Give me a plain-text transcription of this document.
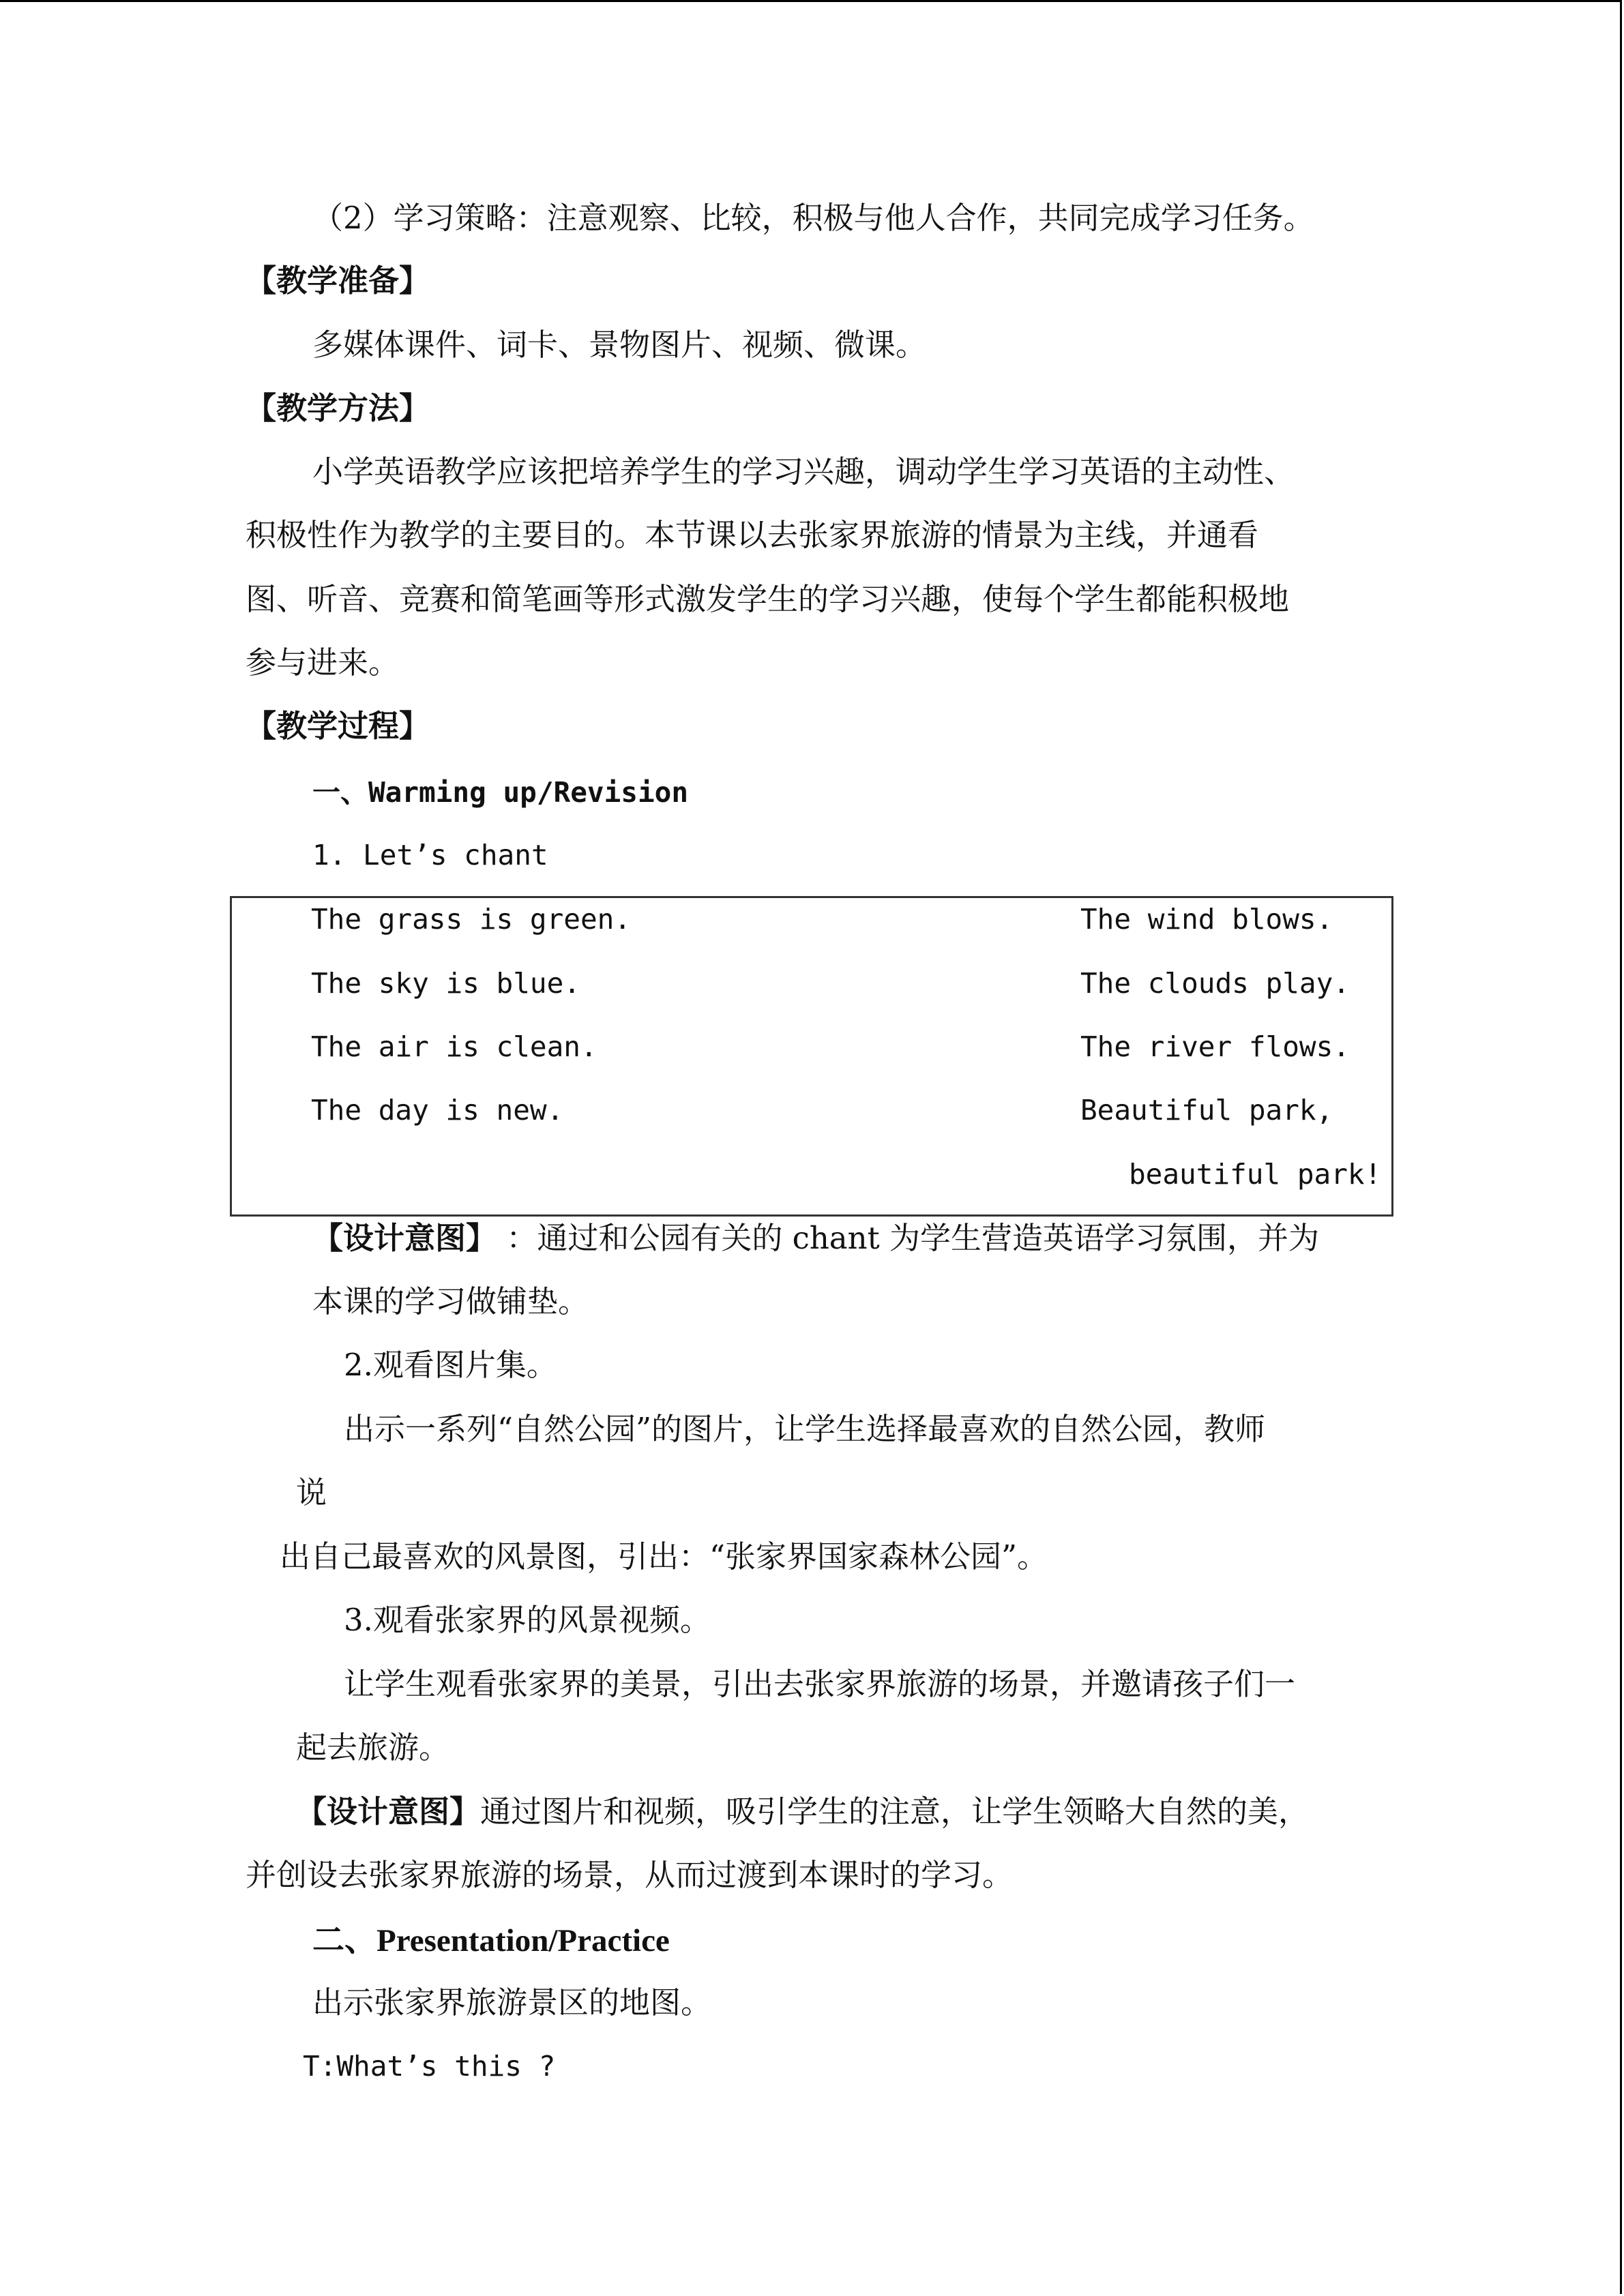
（2）学习策略：注意观察、比较，积极与他人合作，共同完成学习任务。
【教学准备】
多媒体课件、词卡、景物图片、视频、微课。
【教学方法】
小学英语教学应该把培养学生的学习兴趣，调动学生学习英语的主动性、
积极性作为教学的主要目的。本节课以去张家界旅游的情景为主线，并通看
图、听音、竞赛和简笔画等形式激发学生的学习兴趣，使每个学生都能积极地
参与进来。
【教学过程】
一、Warming up/Revision
1. Let’s chant
The grass is green.
The sky is blue.
The air is clean.
The day is new.
The wind blows.
The clouds play.
The river flows.
Beautiful park,
beautiful park!
【设计意图】 ：通过和公园有关的 chant 为学生营造英语学习氛围，并为
本课的学习做铺垫。
2.观看图片集。
出示一系列“自然公园”的图片，让学生选择最喜欢的自然公园，教师
说
出自己最喜欢的风景图，引出：“张家界国家森林公园”。
3.观看张家界的风景视频。
让学生观看张家界的美景，引出去张家界旅游的场景，并邀请孩子们一
起去旅游。
【设计意图】通过图片和视频，吸引学生的注意，让学生领略大自然的美，
并创设去张家界旅游的场景，从而过渡到本课时的学习。
二、Presentation/Practice
出示张家界旅游景区的地图。
T:What’s this ?
